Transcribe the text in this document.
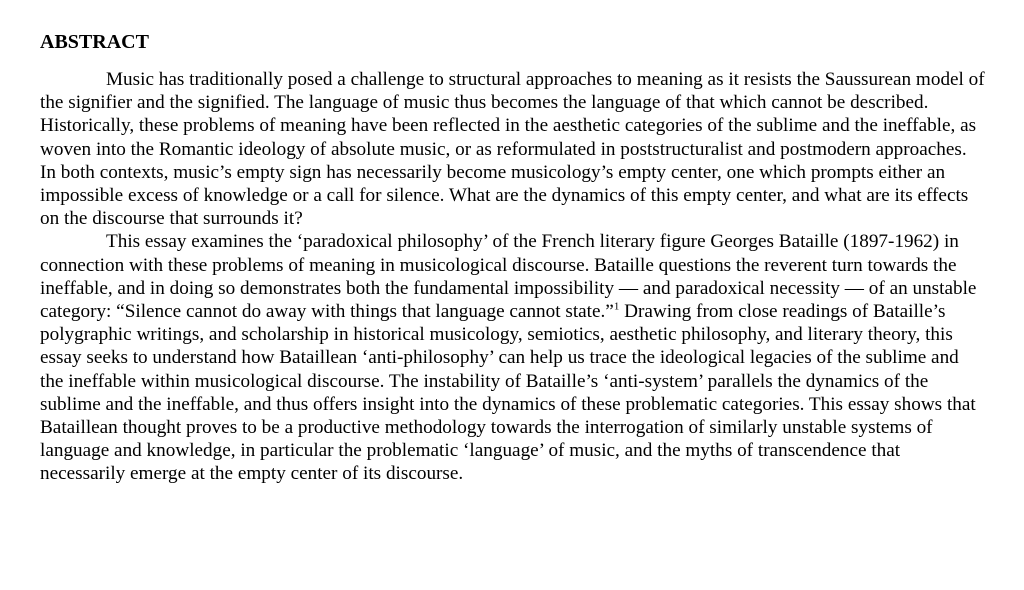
ABSTRACT

Music has traditionally posed a challenge to structural approaches to meaning as it resists the Saussurean model of the signifier and the signified. The language of music thus becomes the language of that which cannot be described. Historically, these problems of meaning have been reflected in the aesthetic categories of the sublime and the ineffable, as woven into the Romantic ideology of absolute music, or as reformulated in poststructuralist and postmodern approaches. In both contexts, music’s empty sign has necessarily become musicology’s empty center, one which prompts either an impossible excess of knowledge or a call for silence. What are the dynamics of this empty center, and what are its effects on the discourse that surrounds it?

This essay examines the ‘paradoxical philosophy’ of the French literary figure Georges Bataille (1897-1962) in connection with these problems of meaning in musicological discourse. Bataille questions the reverent turn towards the ineffable, and in doing so demonstrates both the fundamental impossibility — and paradoxical necessity — of an unstable category: “Silence cannot do away with things that language cannot state.”$^1$ Drawing from close readings of Bataille’s polygraphic writings, and scholarship in historical musicology, semiotics, aesthetic philosophy, and literary theory, this essay seeks to understand how Bataillean ‘anti-philosophy’ can help us trace the ideological legacies of the sublime and the ineffable within musicological discourse. The instability of Bataille’s ‘anti-system’ parallels the dynamics of the sublime and the ineffable, and thus offers insight into the dynamics of these problematic categories. This essay shows that Bataillean thought proves to be a productive methodology towards the interrogation of similarly unstable systems of language and knowledge, in particular the problematic ‘language’ of music, and the myths of transcendence that necessarily emerge at the empty center of its discourse.
